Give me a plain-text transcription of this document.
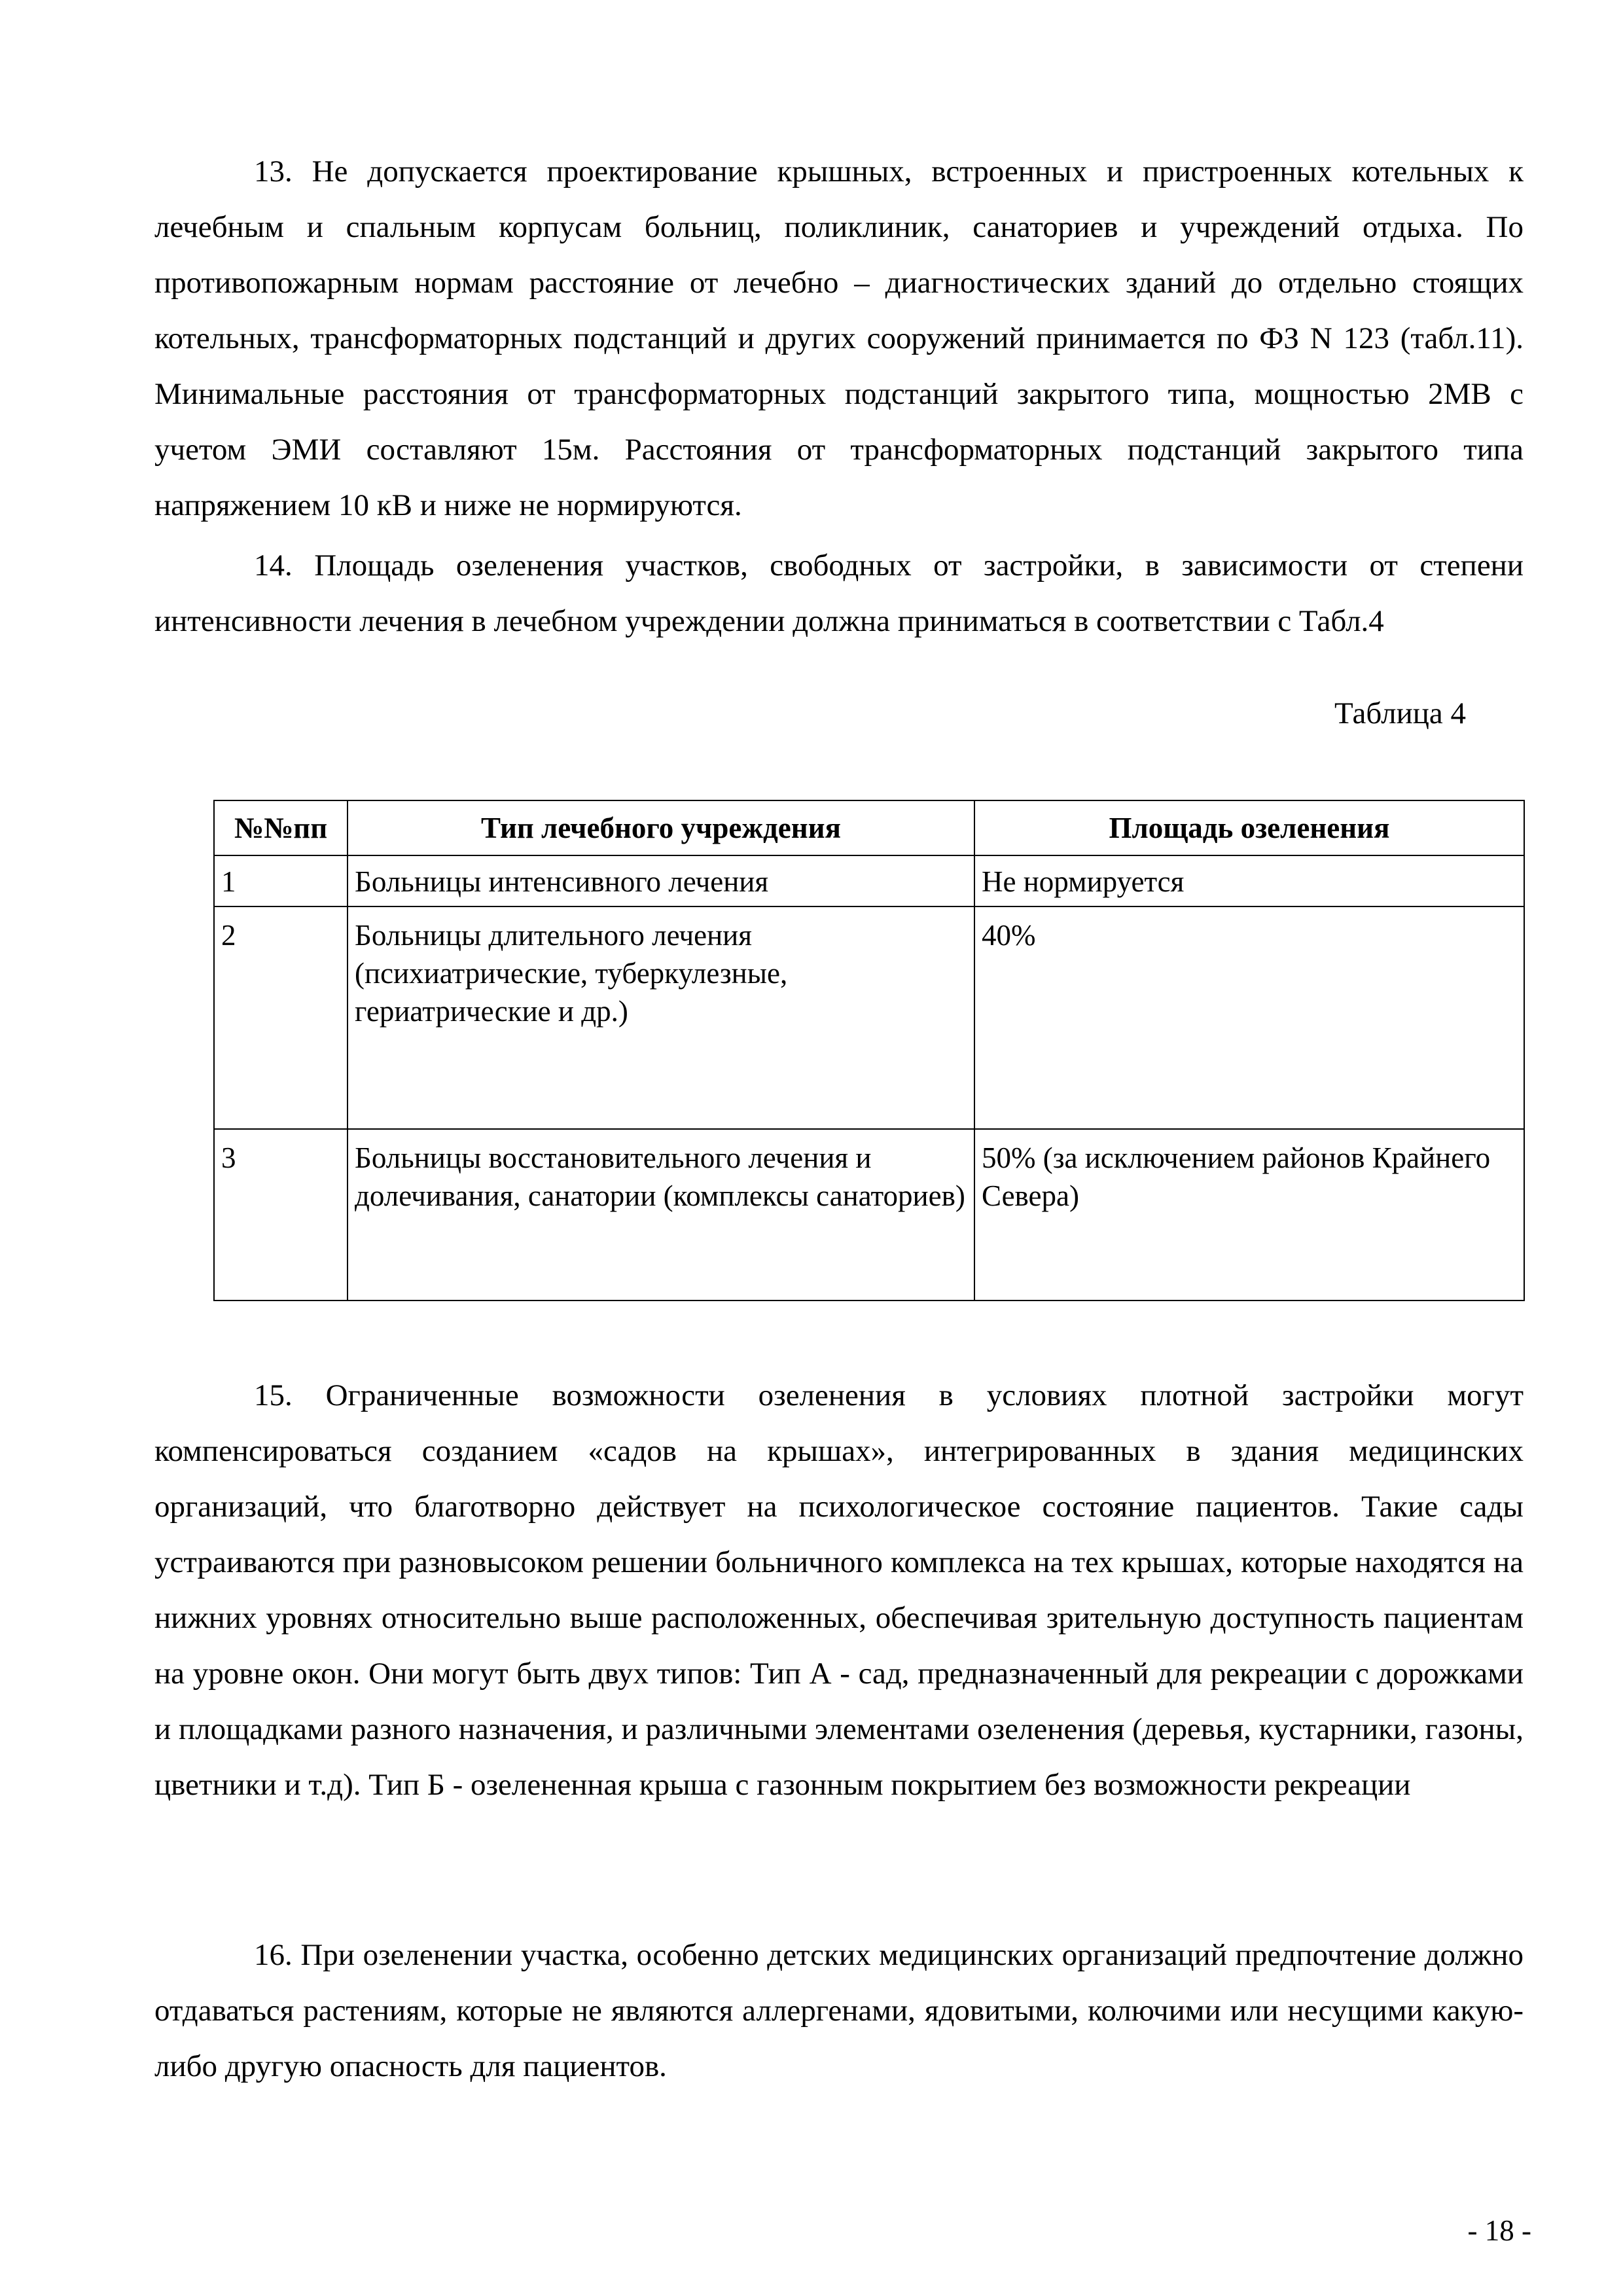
13. Не допускается проектирование крышных, встроенных и пристроенных котельных к лечебным и спальным корпусам больниц, поликлиник, санаториев и учреждений отдыха. По противопожарным нормам расстояние от лечебно – диагностических зданий до отдельно стоящих котельных, трансформаторных подстанций и других сооружений принимается по ФЗ N 123 (табл.11). Минимальные расстояния от трансформаторных подстанций закрытого типа, мощностью 2МВ с учетом ЭМИ составляют 15м. Расстояния от трансформаторных подстанций закрытого типа напряжением 10 кВ и ниже не нормируются.

14. Площадь озеленения участков, свободных от застройки, в зависимости от степени интенсивности лечения в лечебном учреждении должна приниматься в соответствии с Табл.4

Таблица 4

№№пп	Тип лечебного учреждения	Площадь озеленения
1	Больницы интенсивного лечения	Не нормируется
2	Больницы длительного лечения (психиатрические, туберкулезные, гериатрические и др.)	40%
3	Больницы восстановительного лечения и долечивания, санатории (комплексы санаториев)	50% (за исключением районов Крайнего Севера)

15. Ограниченные возможности озеленения в условиях плотной застройки могут компенсироваться созданием «садов на крышах», интегрированных в здания медицинских организаций, что благотворно действует на психологическое состояние пациентов. Такие сады устраиваются при разновысоком решении больничного комплекса на тех крышах, которые находятся на нижних уровнях относительно выше расположенных, обеспечивая зрительную доступность пациентам на уровне окон. Они могут быть двух типов: Тип А - сад, предназначенный для рекреации с дорожками и площадками разного назначения, и различными элементами озеленения (деревья, кустарники, газоны, цветники и т.д). Тип Б - озелененная крыша с газонным покрытием без возможности рекреации

16. При озеленении участка, особенно детских медицинских организаций предпочтение должно отдаваться растениям, которые не являются аллергенами, ядовитыми, колючими или несущими какую-либо другую опасность для пациентов.

- 18 -
